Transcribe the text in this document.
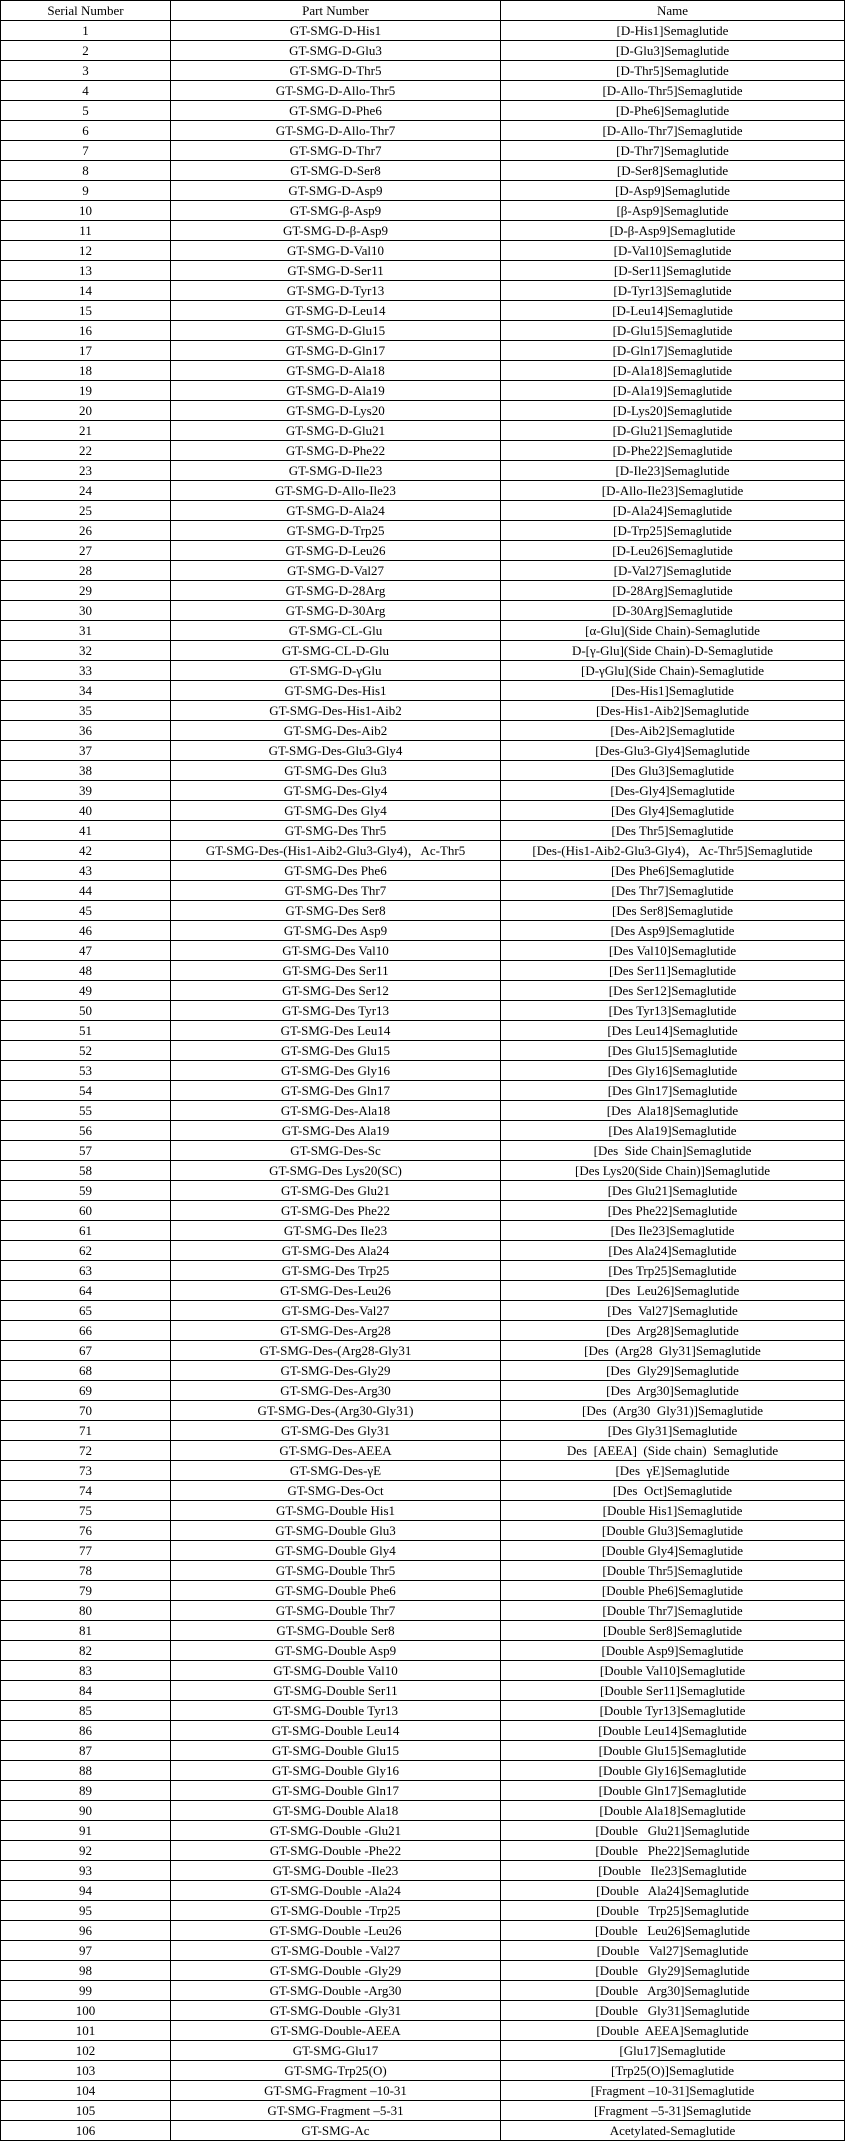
Serial Number	Part Number	Name
1	GT-SMG-D-His1	[D-His1]Semaglutide
2	GT-SMG-D-Glu3	[D-Glu3]Semaglutide
3	GT-SMG-D-Thr5	[D-Thr5]Semaglutide
4	GT-SMG-D-Allo-Thr5	[D-Allo-Thr5]Semaglutide
5	GT-SMG-D-Phe6	[D-Phe6]Semaglutide
6	GT-SMG-D-Allo-Thr7	[D-Allo-Thr7]Semaglutide
7	GT-SMG-D-Thr7	[D-Thr7]Semaglutide
8	GT-SMG-D-Ser8	[D-Ser8]Semaglutide
9	GT-SMG-D-Asp9	[D-Asp9]Semaglutide
10	GT-SMG-β-Asp9	[β-Asp9]Semaglutide
11	GT-SMG-D-β-Asp9	[D-β-Asp9]Semaglutide
12	GT-SMG-D-Val10	[D-Val10]Semaglutide
13	GT-SMG-D-Ser11	[D-Ser11]Semaglutide
14	GT-SMG-D-Tyr13	[D-Tyr13]Semaglutide
15	GT-SMG-D-Leu14	[D-Leu14]Semaglutide
16	GT-SMG-D-Glu15	[D-Glu15]Semaglutide
17	GT-SMG-D-Gln17	[D-Gln17]Semaglutide
18	GT-SMG-D-Ala18	[D-Ala18]Semaglutide
19	GT-SMG-D-Ala19	[D-Ala19]Semaglutide
20	GT-SMG-D-Lys20	[D-Lys20]Semaglutide
21	GT-SMG-D-Glu21	[D-Glu21]Semaglutide
22	GT-SMG-D-Phe22	[D-Phe22]Semaglutide
23	GT-SMG-D-Ile23	[D-Ile23]Semaglutide
24	GT-SMG-D-Allo-Ile23	[D-Allo-Ile23]Semaglutide
25	GT-SMG-D-Ala24	[D-Ala24]Semaglutide
26	GT-SMG-D-Trp25	[D-Trp25]Semaglutide
27	GT-SMG-D-Leu26	[D-Leu26]Semaglutide
28	GT-SMG-D-Val27	[D-Val27]Semaglutide
29	GT-SMG-D-28Arg	[D-28Arg]Semaglutide
30	GT-SMG-D-30Arg	[D-30Arg]Semaglutide
31	GT-SMG-CL-Glu	[α-Glu](Side Chain)-Semaglutide
32	GT-SMG-CL-D-Glu	D-[γ-Glu](Side Chain)-D-Semaglutide
33	GT-SMG-D-γGlu	[D-γGlu](Side Chain)-Semaglutide
34	GT-SMG-Des-His1	[Des-His1]Semaglutide
35	GT-SMG-Des-His1-Aib2	[Des-His1-Aib2]Semaglutide
36	GT-SMG-Des-Aib2	[Des-Aib2]Semaglutide
37	GT-SMG-Des-Glu3-Gly4	[Des-Glu3-Gly4]Semaglutide
38	GT-SMG-Des Glu3	[Des Glu3]Semaglutide
39	GT-SMG-Des-Gly4	[Des-Gly4]Semaglutide
40	GT-SMG-Des Gly4	[Des Gly4]Semaglutide
41	GT-SMG-Des Thr5	[Des Thr5]Semaglutide
42	GT-SMG-Des-(His1-Aib2-Glu3-Gly4)，Ac-Thr5	[Des-(His1-Aib2-Glu3-Gly4)，Ac-Thr5]Semaglutide
43	GT-SMG-Des Phe6	[Des Phe6]Semaglutide
44	GT-SMG-Des Thr7	[Des Thr7]Semaglutide
45	GT-SMG-Des Ser8	[Des Ser8]Semaglutide
46	GT-SMG-Des Asp9	[Des Asp9]Semaglutide
47	GT-SMG-Des Val10	[Des Val10]Semaglutide
48	GT-SMG-Des Ser11	[Des Ser11]Semaglutide
49	GT-SMG-Des Ser12	[Des Ser12]Semaglutide
50	GT-SMG-Des Tyr13	[Des Tyr13]Semaglutide
51	GT-SMG-Des Leu14	[Des Leu14]Semaglutide
52	GT-SMG-Des Glu15	[Des Glu15]Semaglutide
53	GT-SMG-Des Gly16	[Des Gly16]Semaglutide
54	GT-SMG-Des Gln17	[Des Gln17]Semaglutide
55	GT-SMG-Des-Ala18	[Des  Ala18]Semaglutide
56	GT-SMG-Des Ala19	[Des Ala19]Semaglutide
57	GT-SMG-Des-Sc	[Des  Side Chain]Semaglutide
58	GT-SMG-Des Lys20(SC)	[Des Lys20(Side Chain)]Semaglutide
59	GT-SMG-Des Glu21	[Des Glu21]Semaglutide
60	GT-SMG-Des Phe22	[Des Phe22]Semaglutide
61	GT-SMG-Des Ile23	[Des Ile23]Semaglutide
62	GT-SMG-Des Ala24	[Des Ala24]Semaglutide
63	GT-SMG-Des Trp25	[Des Trp25]Semaglutide
64	GT-SMG-Des-Leu26	[Des  Leu26]Semaglutide
65	GT-SMG-Des-Val27	[Des  Val27]Semaglutide
66	GT-SMG-Des-Arg28	[Des  Arg28]Semaglutide
67	GT-SMG-Des-(Arg28-Gly31	[Des  (Arg28  Gly31]Semaglutide
68	GT-SMG-Des-Gly29	[Des  Gly29]Semaglutide
69	GT-SMG-Des-Arg30	[Des  Arg30]Semaglutide
70	GT-SMG-Des-(Arg30-Gly31)	[Des  (Arg30  Gly31)]Semaglutide
71	GT-SMG-Des Gly31	[Des Gly31]Semaglutide
72	GT-SMG-Des-AEEA	Des  [AEEA]  (Side chain)  Semaglutide
73	GT-SMG-Des-γE	[Des  γE]Semaglutide
74	GT-SMG-Des-Oct	[Des  Oct]Semaglutide
75	GT-SMG-Double His1	[Double His1]Semaglutide
76	GT-SMG-Double Glu3	[Double Glu3]Semaglutide
77	GT-SMG-Double Gly4	[Double Gly4]Semaglutide
78	GT-SMG-Double Thr5	[Double Thr5]Semaglutide
79	GT-SMG-Double Phe6	[Double Phe6]Semaglutide
80	GT-SMG-Double Thr7	[Double Thr7]Semaglutide
81	GT-SMG-Double Ser8	[Double Ser8]Semaglutide
82	GT-SMG-Double Asp9	[Double Asp9]Semaglutide
83	GT-SMG-Double Val10	[Double Val10]Semaglutide
84	GT-SMG-Double Ser11	[Double Ser11]Semaglutide
85	GT-SMG-Double Tyr13	[Double Tyr13]Semaglutide
86	GT-SMG-Double Leu14	[Double Leu14]Semaglutide
87	GT-SMG-Double Glu15	[Double Glu15]Semaglutide
88	GT-SMG-Double Gly16	[Double Gly16]Semaglutide
89	GT-SMG-Double Gln17	[Double Gln17]Semaglutide
90	GT-SMG-Double Ala18	[Double Ala18]Semaglutide
91	GT-SMG-Double -Glu21	[Double   Glu21]Semaglutide
92	GT-SMG-Double -Phe22	[Double   Phe22]Semaglutide
93	GT-SMG-Double -Ile23	[Double   Ile23]Semaglutide
94	GT-SMG-Double -Ala24	[Double   Ala24]Semaglutide
95	GT-SMG-Double -Trp25	[Double   Trp25]Semaglutide
96	GT-SMG-Double -Leu26	[Double   Leu26]Semaglutide
97	GT-SMG-Double -Val27	[Double   Val27]Semaglutide
98	GT-SMG-Double -Gly29	[Double   Gly29]Semaglutide
99	GT-SMG-Double -Arg30	[Double   Arg30]Semaglutide
100	GT-SMG-Double -Gly31	[Double   Gly31]Semaglutide
101	GT-SMG-Double-AEEA	[Double  AEEA]Semaglutide
102	GT-SMG-Glu17	[Glu17]Semaglutide
103	GT-SMG-Trp25(O)	[Trp25(O)]Semaglutide
104	GT-SMG-Fragment –10-31	[Fragment –10-31]Semaglutide
105	GT-SMG-Fragment –5-31	[Fragment –5-31]Semaglutide
106	GT-SMG-Ac	Acetylated-Semaglutide
